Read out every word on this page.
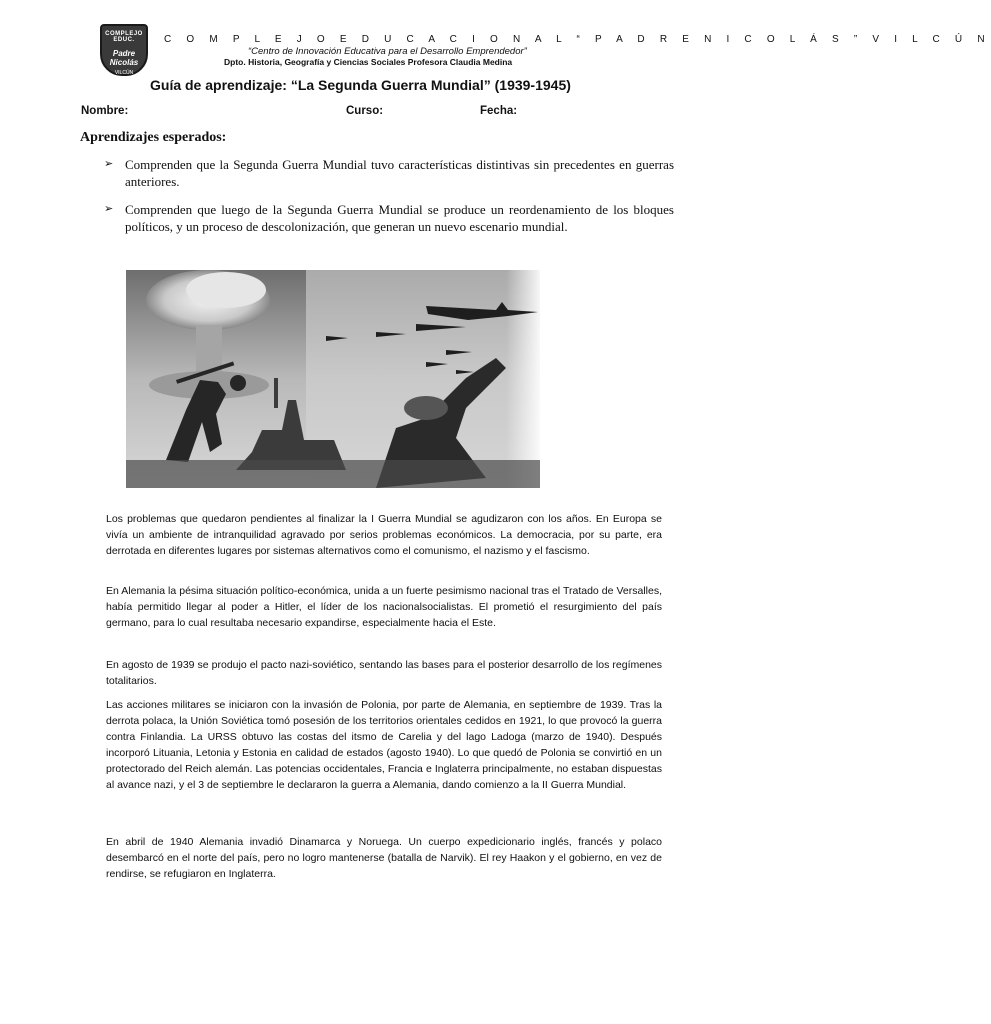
COMPLEJO EDUC.
Padre Nicolás
VILCÚN
C O M P L E J O E D U C A C I O N A L “ P A D R E N I C O L Á S ” V I L C Ú N
“Centro de Innovación Educativa para el Desarrollo Emprendedor”
Dpto. Historia, Geografía y Ciencias Sociales Profesora Claudia Medina
Guía de aprendizaje: “La Segunda Guerra Mundial” (1939-1945)
Nombre:	Curso:	Fecha:
Aprendizajes esperados:
➢ Comprenden que la Segunda Guerra Mundial tuvo características distintivas sin precedentes en guerras anteriores.
➢ Comprenden que luego de la Segunda Guerra Mundial se produce un reordenamiento de los bloques políticos, y un proceso de descolonización, que generan un nuevo escenario mundial.

Los problemas que quedaron pendientes al finalizar la I Guerra Mundial se agudizaron con los años. En Europa se vivía un ambiente de intranquilidad agravado por serios problemas económicos. La democracia, por su parte, era derrotada en diferentes lugares por sistemas alternativos como el comunismo, el nazismo y el fascismo.

En Alemania la pésima situación político-económica, unida a un fuerte pesimismo nacional tras el Tratado de Versalles, había permitido llegar al poder a Hitler, el líder de los nacionalsocialistas. El prometió el resurgimiento del país germano, para lo cual resultaba necesario expandirse, especialmente hacia el Este.

En agosto de 1939 se produjo el pacto nazi-soviético, sentando las bases para el posterior desarrollo de los regímenes totalitarios.

Las acciones militares se iniciaron con la invasión de Polonia, por parte de Alemania, en septiembre de 1939. Tras la derrota polaca, la Unión Soviética tomó posesión de los territorios orientales cedidos en 1921, lo que provocó la guerra contra Finlandia. La URSS obtuvo las costas del itsmo de Carelia y del lago Ladoga (marzo de 1940). Después incorporó Lituania, Letonia y Estonia en calidad de estados (agosto 1940). Lo que quedó de Polonia se convirtió en un protectorado del Reich alemán. Las potencias occidentales, Francia e Inglaterra principalmente, no estaban dispuestas al avance nazi, y el 3 de septiembre le declararon la guerra a Alemania, dando comienzo a la II Guerra Mundial.

En abril de 1940 Alemania invadió Dinamarca y Noruega. Un cuerpo expedicionario inglés, francés y polaco desembarcó en el norte del país, pero no logro mantenerse (batalla de Narvik). El rey Haakon y el gobierno, en vez de rendirse, se refugiaron en Inglaterra.
